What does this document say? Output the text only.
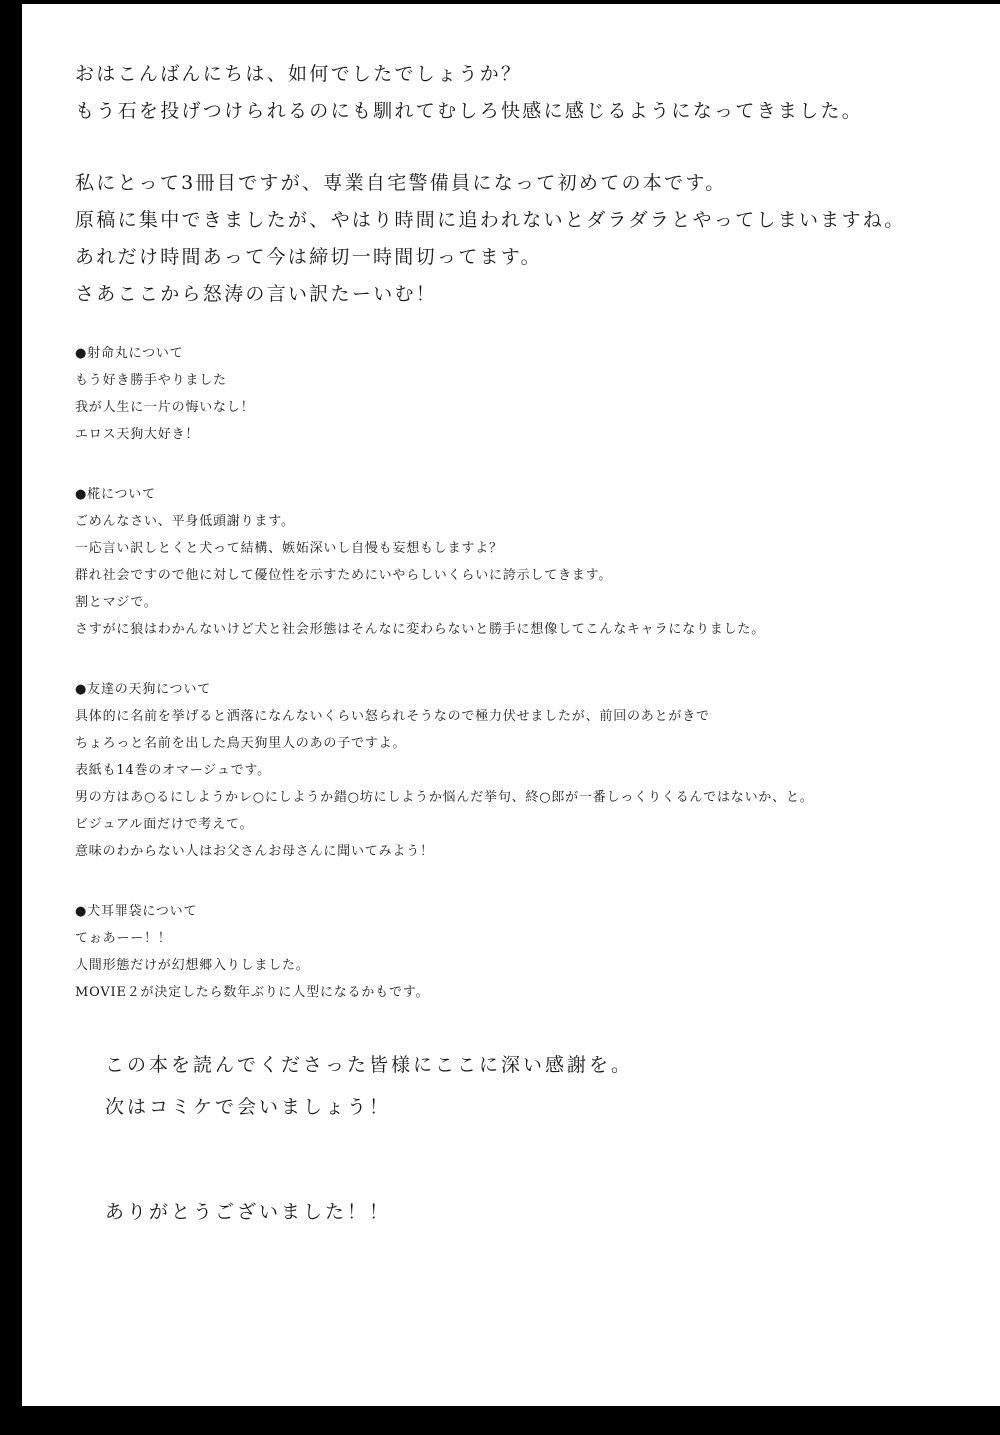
おはこんばんにちは、如何でしたでしょうか？

もう石を投げつけられるのにも馴れてむしろ快感に感じるようになってきました。

私にとって3冊目ですが、専業自宅警備員になって初めての本です。

原稿に集中できましたが、やはり時間に追われないとダラダラとやってしまいますね。

あれだけ時間あって今は締切一時間切ってます。

さあここから怒涛の言い訳たーいむ！

●射命丸について

もう好き勝手やりました

我が人生に一片の悔いなし！

エロス天狗大好き！

●椛について

ごめんなさい、平身低頭謝ります。

一応言い訳しとくと犬って結構、嫉妬深いし自慢も妄想もしますよ？

群れ社会ですので他に対して優位性を示すためにいやらしいくらいに誇示してきます。

割とマジで。

さすがに狼はわかんないけど犬と社会形態はそんなに変わらないと勝手に想像してこんなキャラになりました。

●友達の天狗について

具体的に名前を挙げると洒落になんないくらい怒られそうなので極力伏せましたが、前回のあとがきで

ちょろっと名前を出した鳥天狗里人のあの子ですよ。

表紙も14巻のオマージュです。

男の方はあ○るにしようかレ○にしようか錯○坊にしようか悩んだ挙句、終○郎が一番しっくりくるんではないか、と。

ビジュアル面だけで考えて。

意味のわからない人はお父さんお母さんに聞いてみよう！

●犬耳罪袋について

てぉあーー！！

人間形態だけが幻想郷入りしました。

MOVIE２が決定したら数年ぶりに人型になるかもです。

この本を読んでくださった皆様にここに深い感謝を。

次はコミケで会いましょう！

ありがとうございました！！
